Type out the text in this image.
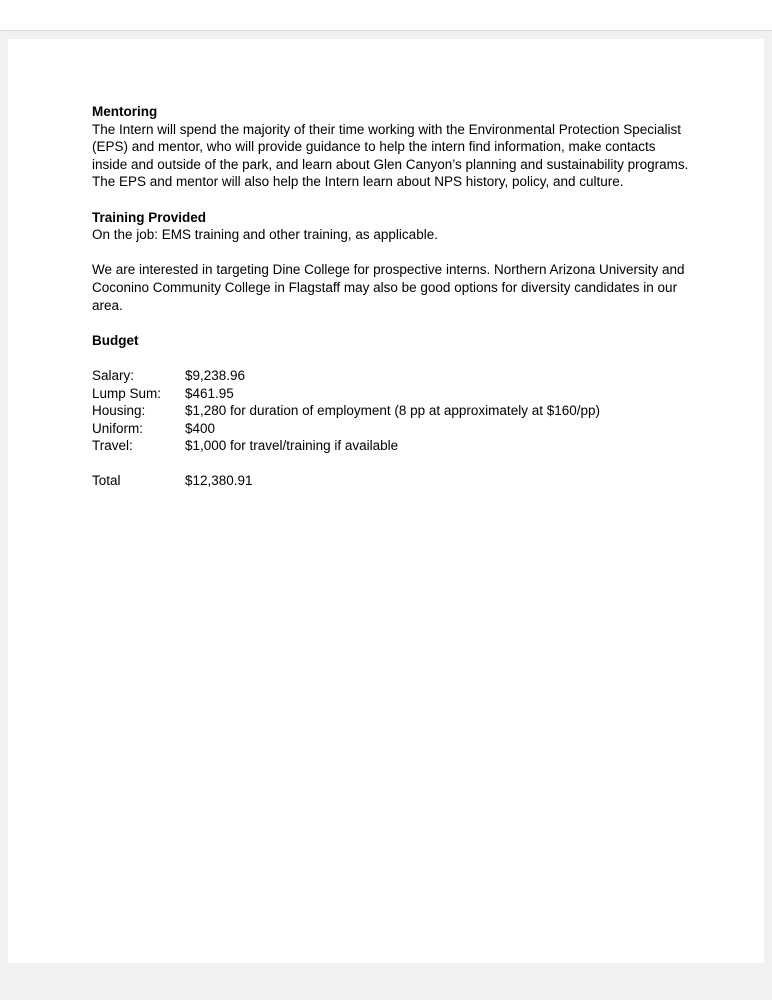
Mentoring

The Intern will spend the majority of their time working with the Environmental Protection Specialist (EPS) and mentor, who will provide guidance to help the intern find information, make contacts inside and outside of the park, and learn about Glen Canyon’s planning and sustainability programs. The EPS and mentor will also help the Intern learn about NPS history, policy, and culture.

Training Provided

On the job: EMS training and other training, as applicable.

We are interested in targeting Dine College for prospective interns. Northern Arizona University and Coconino Community College in Flagstaff may also be good options for diversity candidates in our area.

Budget
Salary:	$9,238.96
Lump Sum:	$461.95
Housing:	$1,280 for duration of employment (8 pp at approximately at $160/pp)
Uniform:	$400
Travel:	$1,000 for travel/training if available
Total	$12,380.91
